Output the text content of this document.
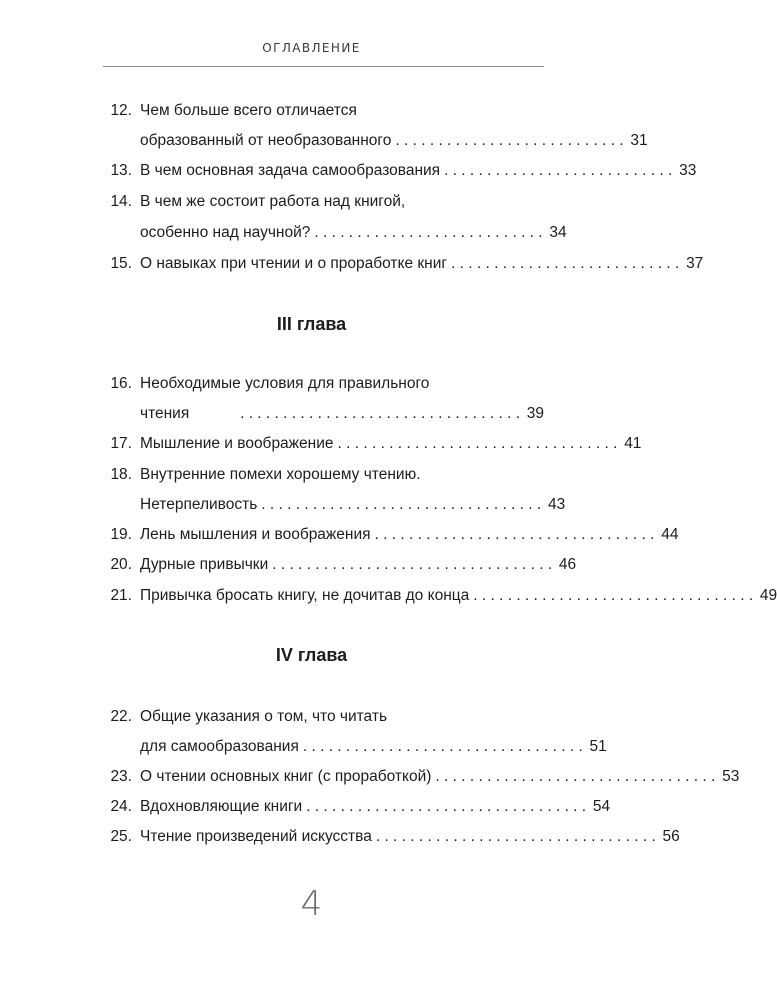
ОГЛАВЛЕНИЕ
12. Чем больше всего отличается
образованный от необразованного . . . . . . . . . . . . . . . . . . . . . . . . . . . 31
13. В чем основная задача самообразования . . . . . . . . . . . . . . . . . . . . . . . . . . . 33
14. В чем же состоит работа над книгой,
особенно над научной? . . . . . . . . . . . . . . . . . . . . . . . . . . . 34
15. О навыках при чтении и о проработке книг . . . . . . . . . . . . . . . . . . . . . . . . . . . 37
III глава
16. Необходимые условия для правильного
чтения	. . . . . . . . . . . . . . . . . . . . . . . . . . . . . . . . . 39
17. Мышление и воображение . . . . . . . . . . . . . . . . . . . . . . . . . . . . . . . . . 41
18. Внутренние помехи хорошему чтению.
Нетерпеливость . . . . . . . . . . . . . . . . . . . . . . . . . . . . . . . . . 43
19. Лень мышления и воображения . . . . . . . . . . . . . . . . . . . . . . . . . . . . . . . . . 44
20. Дурные привычки . . . . . . . . . . . . . . . . . . . . . . . . . . . . . . . . . 46
21. Привычка бросать книгу, не дочитав до конца . . . . . . . . . . . . . . . . . . . . . . . . . . . . . . . . . 49
IV глава
22. Общие указания о том, что читать
для самообразования . . . . . . . . . . . . . . . . . . . . . . . . . . . . . . . . . 51
23. О чтении основных книг (с проработкой) . . . . . . . . . . . . . . . . . . . . . . . . . . . . . . . . . 53
24. Вдохновляющие книги . . . . . . . . . . . . . . . . . . . . . . . . . . . . . . . . . 54
25. Чтение произведений искусства . . . . . . . . . . . . . . . . . . . . . . . . . . . . . . . . . 56
4
